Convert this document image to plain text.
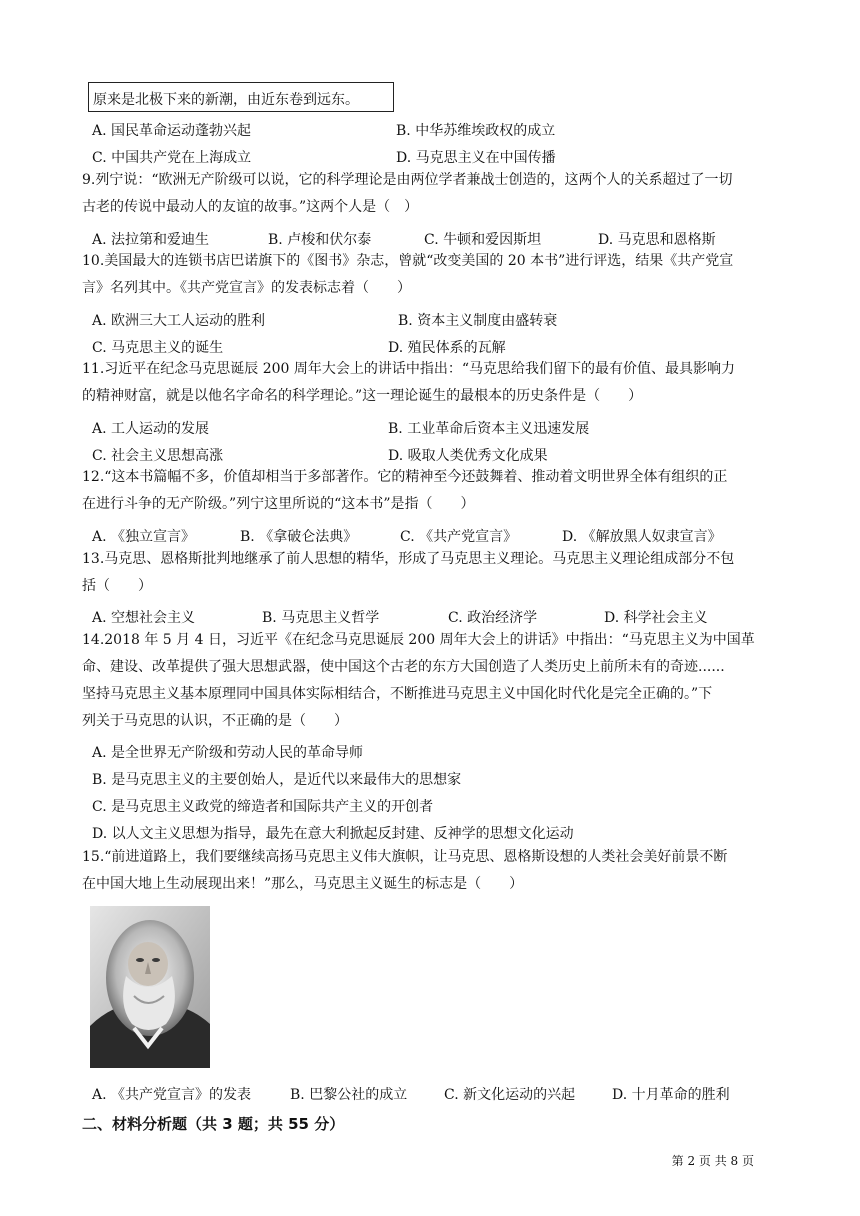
原来是北极下来的新潮，由近东卷到远东。
A. 国民革命运动蓬勃兴起	B. 中华苏维埃政权的成立
C. 中国共产党在上海成立	D. 马克思主义在中国传播
9.列宁说：“欧洲无产阶级可以说，它的科学理论是由两位学者兼战士创造的，这两个人的关系超过了一切
古老的传说中最动人的友谊的故事。”这两个人是（　）
A. 法拉第和爱迪生	B. 卢梭和伏尔泰	C. 牛顿和爱因斯坦	D. 马克思和恩格斯
10.美国最大的连锁书店巴诺旗下的《图书》杂志，曾就“改变美国的 20 本书”进行评选，结果《共产党宣
言》名列其中。《共产党宣言》的发表标志着（　　）
A. 欧洲三大工人运动的胜利	B. 资本主义制度由盛转衰
C. 马克思主义的诞生	D. 殖民体系的瓦解
11.习近平在纪念马克思诞辰 200 周年大会上的讲话中指出：“马克思给我们留下的最有价值、最具影响力
的精神财富，就是以他名字命名的科学理论。”这一理论诞生的最根本的历史条件是（　　）
A. 工人运动的发展	B. 工业革命后资本主义迅速发展
C. 社会主义思想高涨	D. 吸取人类优秀文化成果
12.“这本书篇幅不多，价值却相当于多部著作。它的精神至今还鼓舞着、推动着文明世界全体有组织的正
在进行斗争的无产阶级。”列宁这里所说的“这本书”是指（　　）
A. 《独立宣言》	B. 《拿破仑法典》	C. 《共产党宣言》	D. 《解放黑人奴隶宣言》
13.马克思、恩格斯批判地继承了前人思想的精华，形成了马克思主义理论。马克思主义理论组成部分不包
括（　　）
A. 空想社会主义	B. 马克思主义哲学	C. 政治经济学	D. 科学社会主义
14.2018 年 5 月 4 日，习近平《在纪念马克思诞辰 200 周年大会上的讲话》中指出：“马克思主义为中国革
命、建设、改革提供了强大思想武器，使中国这个古老的东方大国创造了人类历史上前所未有的奇迹......
坚持马克思主义基本原理同中国具体实际相结合，不断推进马克思主义中国化时代化是完全正确的。”下
列关于马克思的认识，不正确的是（　　）
A. 是全世界无产阶级和劳动人民的革命导师
B. 是马克思主义的主要创始人，是近代以来最伟大的思想家
C. 是马克思主义政党的缔造者和国际共产主义的开创者
D. 以人文主义思想为指导，最先在意大利掀起反封建、反神学的思想文化运动
15.“前进道路上，我们要继续高扬马克思主义伟大旗帜，让马克思、恩格斯设想的人类社会美好前景不断
在中国大地上生动展现出来！”那么，马克思主义诞生的标志是（　　）
A. 《共产党宣言》的发表	B. 巴黎公社的成立	C. 新文化运动的兴起	D. 十月革命的胜利
二、材料分析题（共 3 题；共 55 分）
第 2 页 共 8 页
